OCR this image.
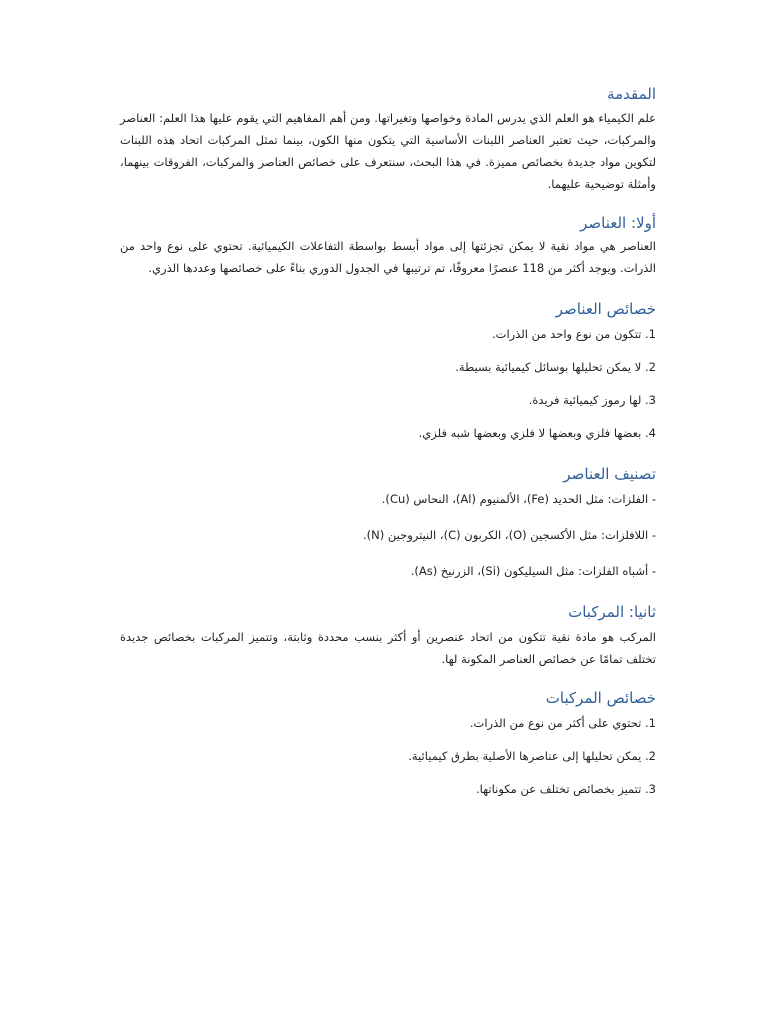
المقدمة

علم الكيمياء هو العلم الذي يدرس المادة وخواصها وتغيراتها. ومن أهم المفاهيم التي يقوم عليها هذا العلم: العناصر والمركبات، حيث تعتبر العناصر اللبنات الأساسية التي يتكون منها الكون، بينما تمثل المركبات اتحاد هذه اللبنات لتكوين مواد جديدة بخصائص مميزة. في هذا البحث، سنتعرف على خصائص العناصر والمركبات، الفروقات بينهما، وأمثلة توضيحية عليهما.

أولا: العناصر

العناصر هي مواد نقية لا يمكن تجزئتها إلى مواد أبسط بواسطة التفاعلات الكيميائية. تحتوي على نوع واحد من الذرات. ويوجد أكثر من 118 عنصرًا معروفًا، تم ترتيبها في الجدول الدوري بناءً على خصائصها وعددها الذري.

خصائص العناصر
1. تتكون من نوع واحد من الذرات.
2. لا يمكن تحليلها بوسائل كيميائية بسيطة.
3. لها رموز كيميائية فريدة.
4. بعضها فلزي وبعضها لا فلزي وبعضها شبه فلزي.
تصنيف العناصر
- الفلزات: مثل الحديد (Fe)، الألمنيوم (Al)، النحاس (Cu).
- اللافلزات: مثل الأكسجين (O)، الكربون (C)، النيتروجين (N).
- أشباه الفلزات: مثل السيليكون (Si)، الزرنيخ (As).
ثانيا: المركبات

المركب هو مادة نقية تتكون من اتحاد عنصرين أو أكثر بنسب محددة وثابتة، وتتميز المركبات بخصائص جديدة تختلف تمامًا عن خصائص العناصر المكونة لها.

خصائص المركبات
1. تحتوي على أكثر من نوع من الذرات.
2. يمكن تحليلها إلى عناصرها الأصلية بطرق كيميائية.
3. تتميز بخصائص تختلف عن مكوناتها.
